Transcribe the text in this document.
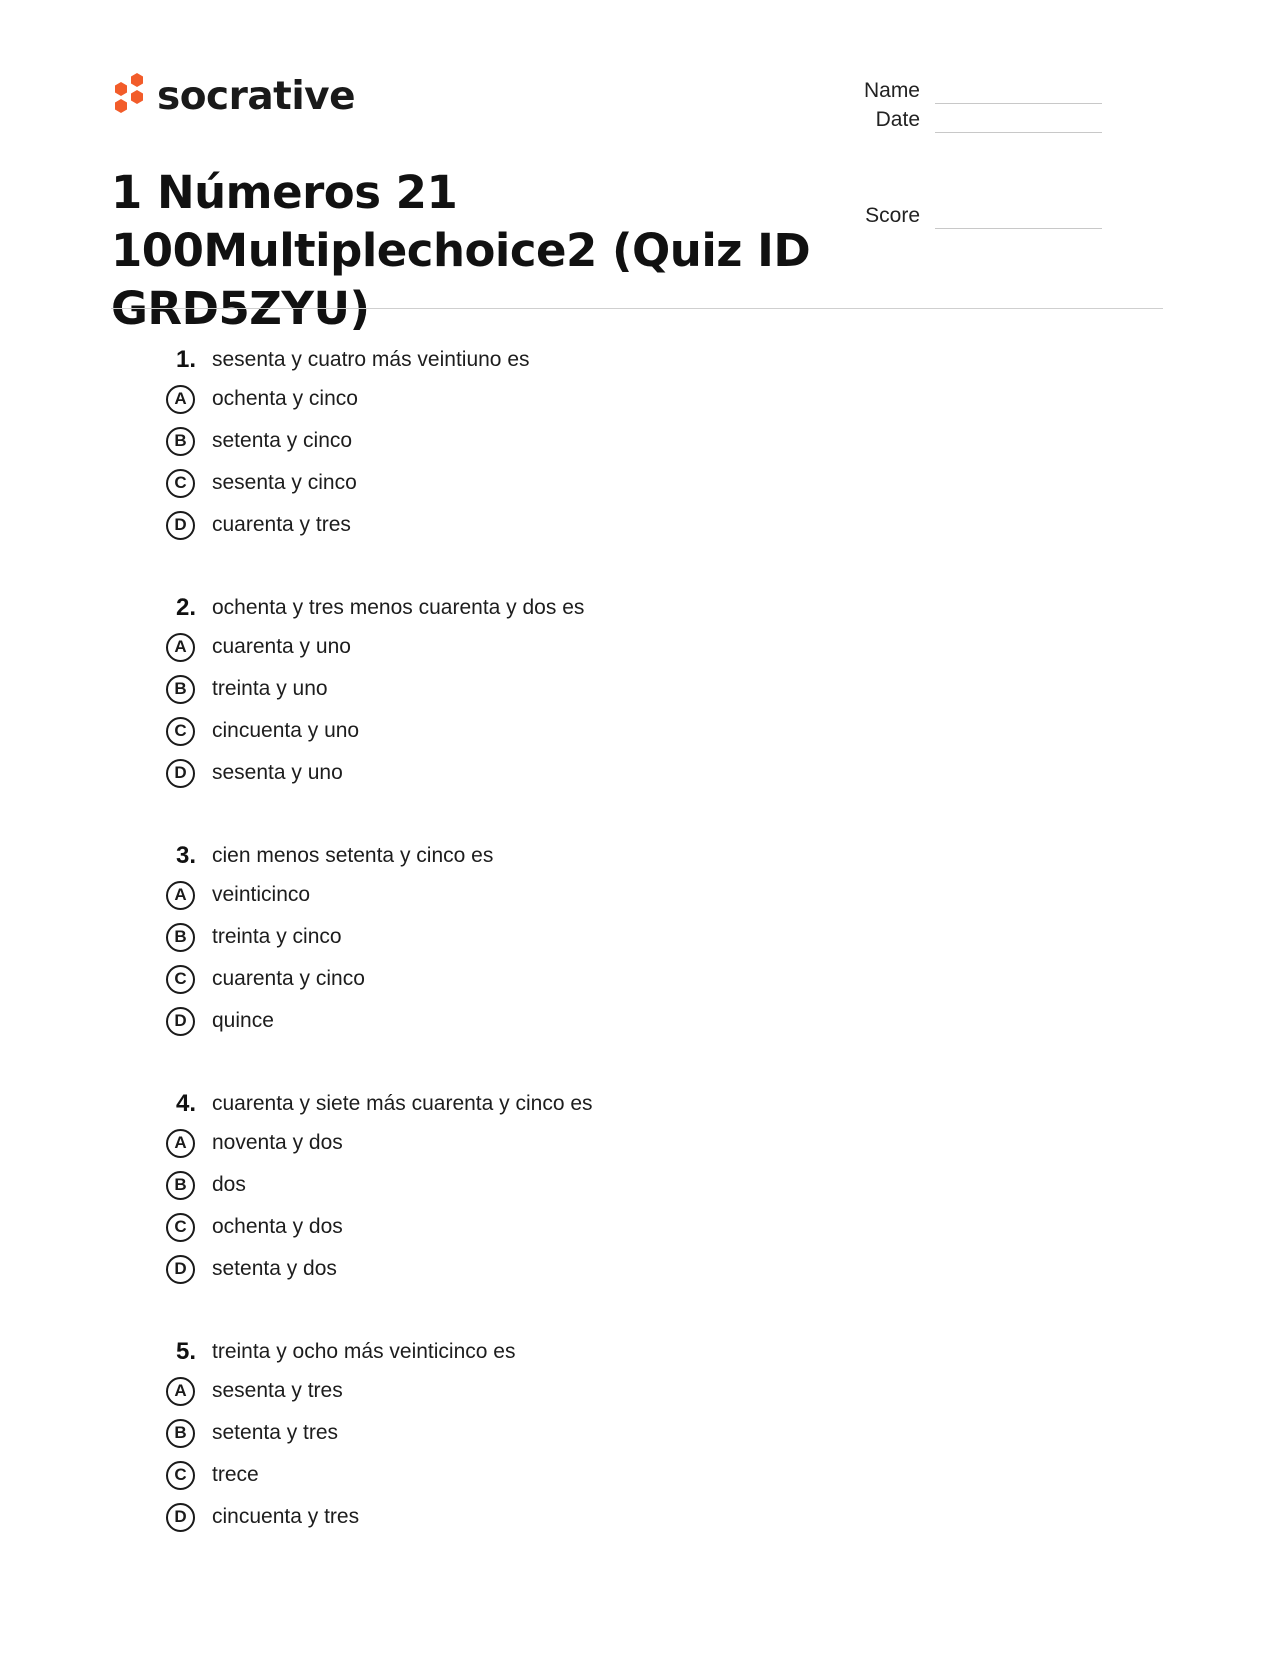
socrative	Name
Date
Score
1 Números 21 100Multiplechoice2 (Quiz ID GRD5ZYU)
1. sesenta y cuatro más veintiuno es
A	ochenta y cinco
B	setenta y cinco
C	sesenta y cinco
D	cuarenta y tres
2. ochenta y tres menos cuarenta y dos es
A	cuarenta y uno
B	treinta y uno
C	cincuenta y uno
D	sesenta y uno
3. cien menos setenta y cinco es
A	veinticinco
B	treinta y cinco
C	cuarenta y cinco
D	quince
4. cuarenta y siete más cuarenta y cinco es
A	noventa y dos
B	dos
C	ochenta y dos
D	setenta y dos
5. treinta y ocho más veinticinco es
A	sesenta y tres
B	setenta y tres
C	trece
D	cincuenta y tres
